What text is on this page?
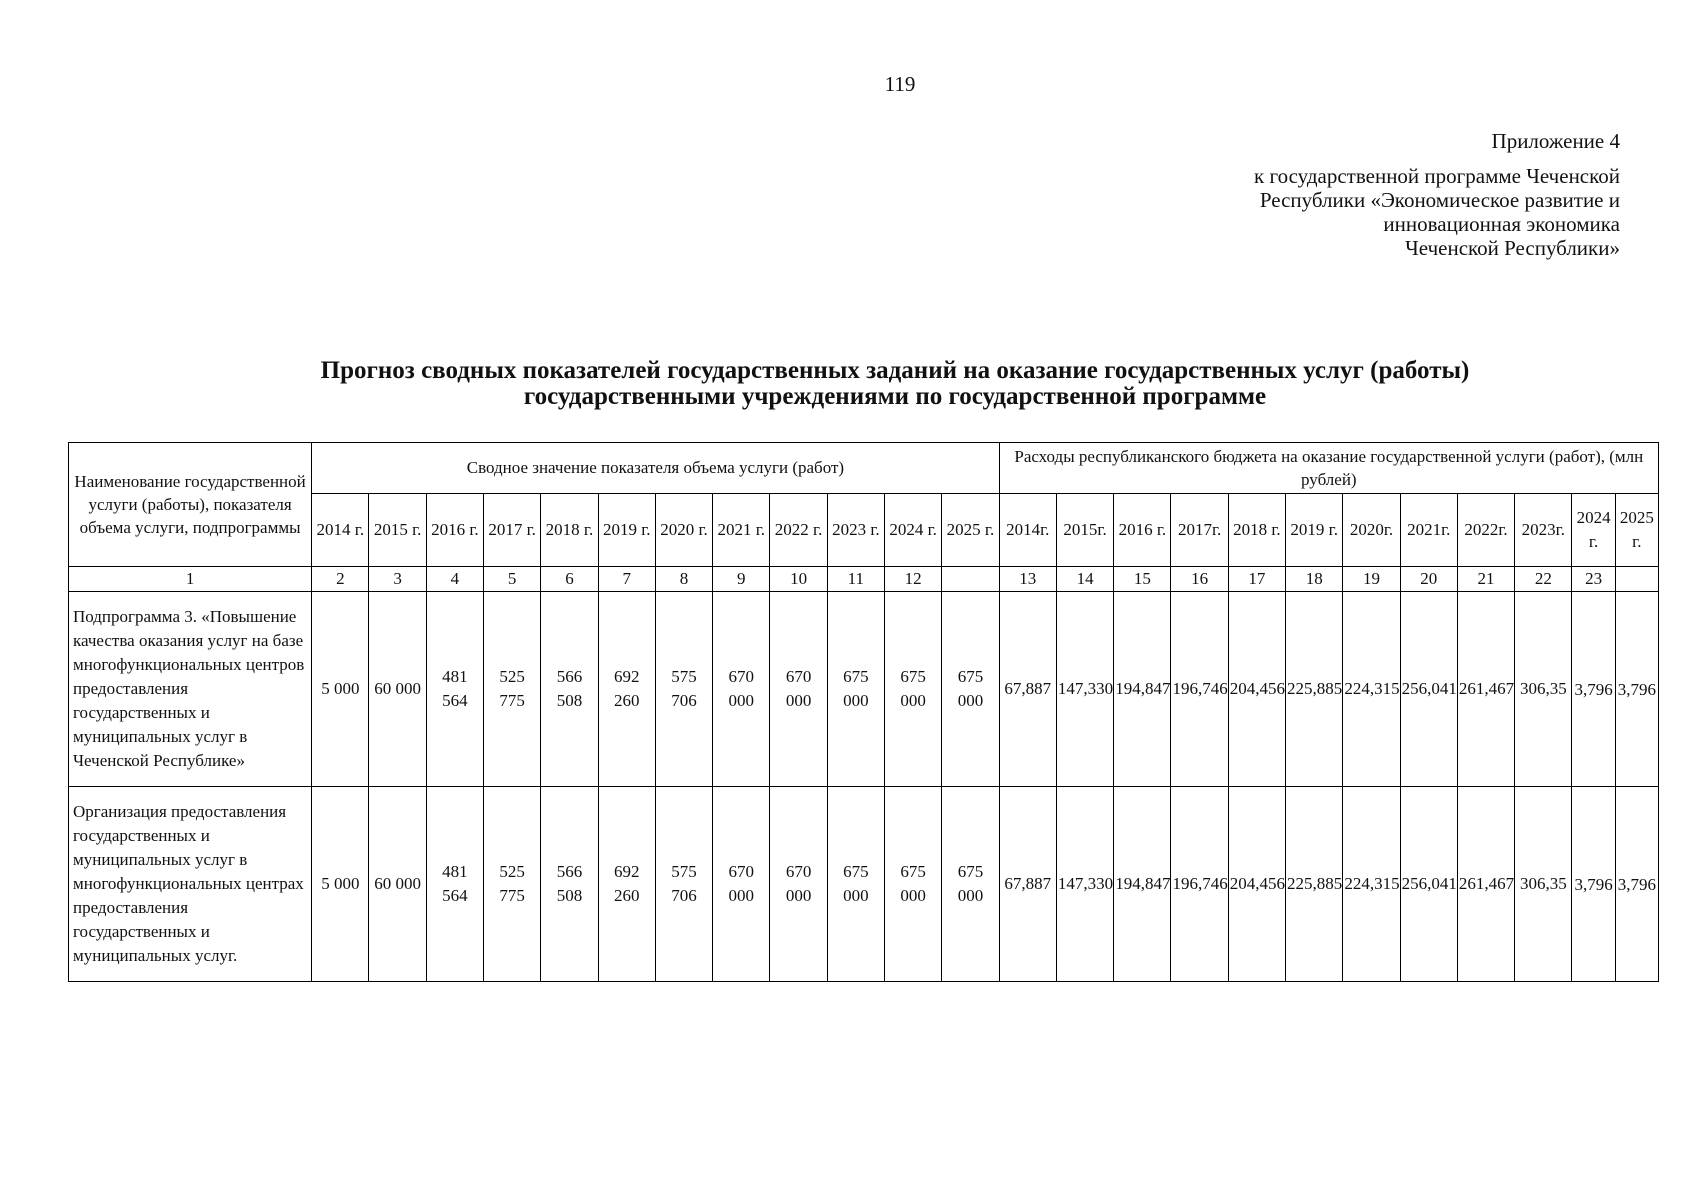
119
Приложение 4
к государственной программе Чеченской
Республики «Экономическое развитие и
инновационная экономика
Чеченской Республики»
Прогноз сводных показателей государственных заданий на оказание государственных услуг (работы)
государственными учреждениями по государственной программе
Наименование государственной услуги (работы), показателя объема услуги, подпрограммы	Сводное значение показателя объема услуги (работ)												Расходы республиканского бюджета на оказание государственной услуги (работ), (млн рублей)											
	2014 г.	2015 г.	2016 г.	2017 г.	2018 г.	2019 г.	2020 г.	2021 г.	2022 г.	2023 г.	2024 г.	2025 г.	2014г.	2015г.	2016 г.	2017г.	2018 г.	2019 г.	2020г.	2021г.	2022г.	2023г.	2024 г.	2025 г.
1	2	3	4	5	6	7	8	9	10	11	12		13	14	15	16	17	18	19	20	21	22	23	
Подпрограмма 3. «Повышение качества оказания услуг на базе многофункциональных центров предоставления государственных и муниципальных услуг в Чеченской Республике»	5 000	60 000	481 564	525 775	566 508	692 260	575 706	670 000	670 000	675 000	675 000	675 000	67,887	147,330	194,847	196,746	204,456	225,885	224,315	256,041	261,467	306,35	3,796	3,796
Организация предоставления государственных и муниципальных услуг в многофункциональных центрах предоставления государственных и муниципальных услуг.	5 000	60 000	481 564	525 775	566 508	692 260	575 706	670 000	670 000	675 000	675 000	675 000	67,887	147,330	194,847	196,746	204,456	225,885	224,315	256,041	261,467	306,35	3,796	3,796
